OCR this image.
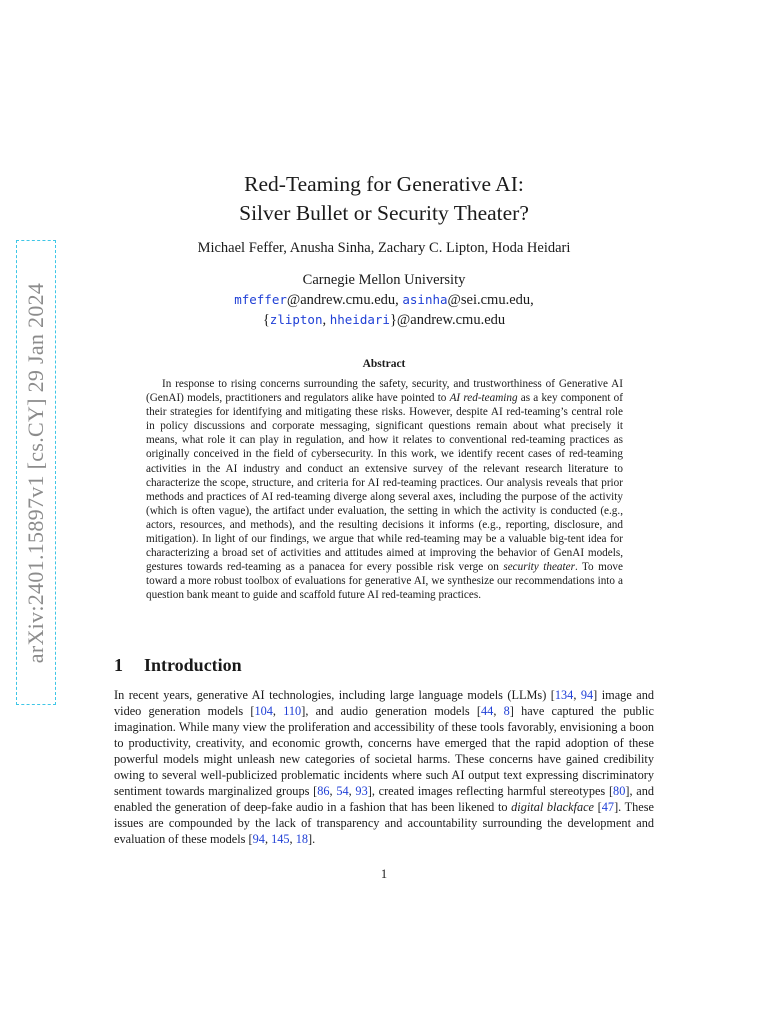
arXiv:2401.15897v1 [cs.CY] 29 Jan 2024
Red-Teaming for Generative AI:
Silver Bullet or Security Theater?
Michael Feffer, Anusha Sinha, Zachary C. Lipton, Hoda Heidari
Carnegie Mellon University
mfeffer@andrew.cmu.edu, asinha@sei.cmu.edu,
{zlipton, hheidari}@andrew.cmu.edu
Abstract

In response to rising concerns surrounding the safety, security, and trustworthiness of Generative AI (GenAI) models, practitioners and regulators alike have pointed to AI red-teaming as a key component of their strategies for identifying and mitigating these risks. However, despite AI red-teaming’s central role in policy discussions and corporate messaging, significant questions remain about what precisely it means, what role it can play in regulation, and how it relates to conventional red-teaming practices as originally conceived in the field of cybersecurity. In this work, we identify recent cases of red-teaming activities in the AI industry and conduct an extensive survey of the relevant research literature to characterize the scope, structure, and criteria for AI red-teaming practices. Our analysis reveals that prior methods and practices of AI red-teaming diverge along several axes, including the purpose of the activity (which is often vague), the artifact under evaluation, the setting in which the activity is conducted (e.g., actors, resources, and methods), and the resulting decisions it informs (e.g., reporting, disclosure, and mitigation). In light of our findings, we argue that while red-teaming may be a valuable big-tent idea for characterizing a broad set of activities and attitudes aimed at improving the behavior of GenAI models, gestures towards red-teaming as a panacea for every possible risk verge on security theater. To move toward a more robust toolbox of evaluations for generative AI, we synthesize our recommendations into a question bank meant to guide and scaffold future AI red-teaming practices.

1 Introduction

In recent years, generative AI technologies, including large language models (LLMs) [134, 94] image and video generation models [104, 110], and audio generation models [44, 8] have captured the public imagination. While many view the proliferation and accessibility of these tools favorably, envisioning a boon to productivity, creativity, and economic growth, concerns have emerged that the rapid adoption of these powerful models might unleash new categories of societal harms. These concerns have gained credibility owing to several well-publicized problematic incidents where such AI output text expressing discriminatory sentiment towards marginalized groups [86, 54, 93], created images reflecting harmful stereotypes [80], and enabled the generation of deep-fake audio in a fashion that has been likened to digital blackface [47]. These issues are compounded by the lack of transparency and accountability surrounding the development and evaluation of these models [94, 145, 18].

1
